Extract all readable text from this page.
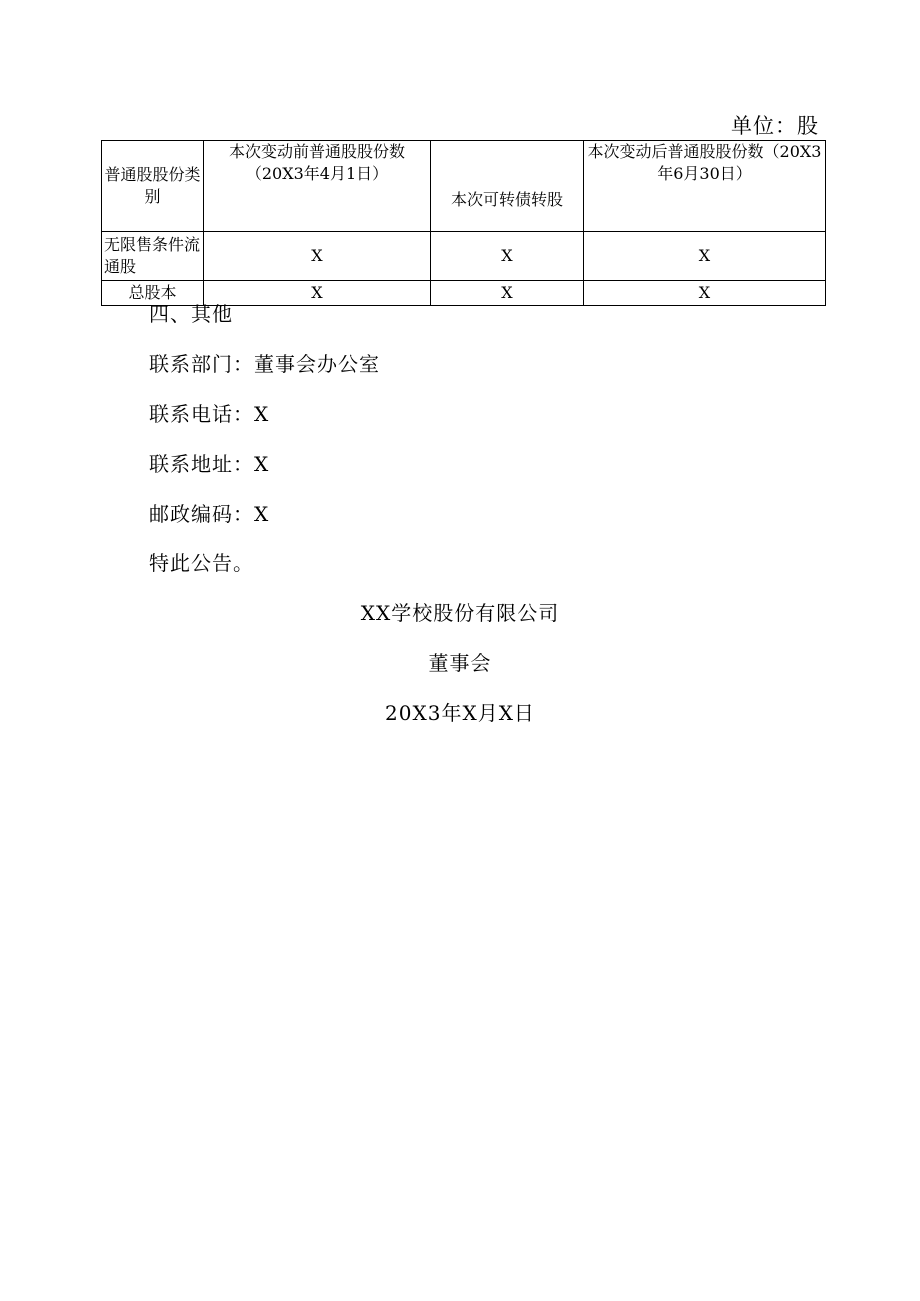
单位：股
普通股股份类别	本次变动前普通股股份数（20X3年4月1日）	本次可转债转股	本次变动后普通股股份数（20X3年6月30日）
无限售条件流通股	X	X	X
总股本	X	X	X
四、其他
联系部门：董事会办公室
联系电话：X
联系地址：X
邮政编码：X
特此公告。
XX学校股份有限公司
董事会
20X3年X月X日
